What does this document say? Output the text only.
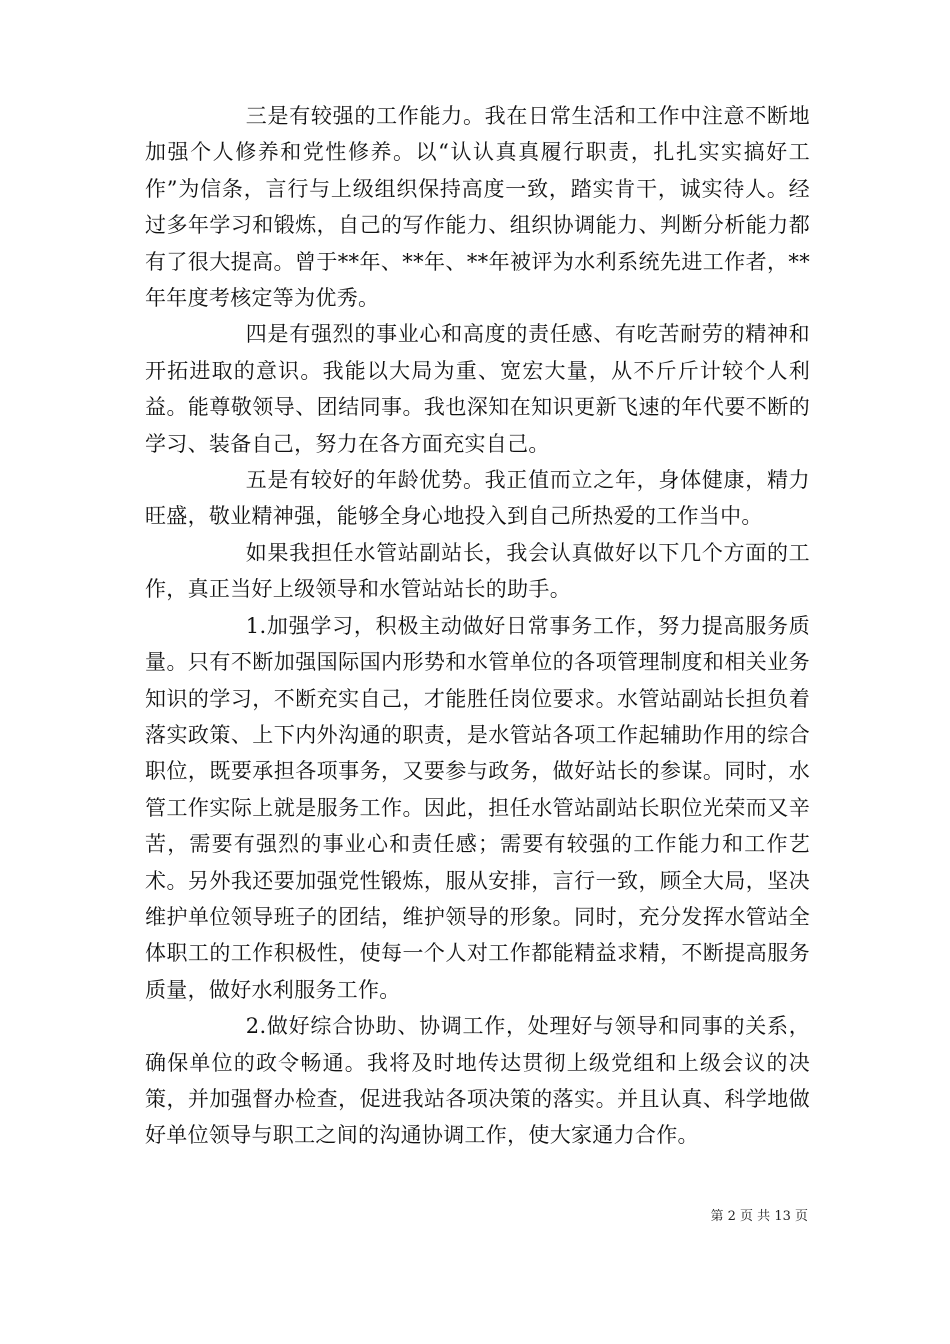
三是有较强的工作能力。我在日常生活和工作中注意不断地加强个人修养和党性修养。以“认认真真履行职责，扎扎实实搞好工作”为信条，言行与上级组织保持高度一致，踏实肯干，诚实待人。经过多年学习和锻炼，自己的写作能力、组织协调能力、判断分析能力都有了很大提高。曾于**年、**年、**年被评为水利系统先进工作者，**年年度考核定等为优秀。

四是有强烈的事业心和高度的责任感、有吃苦耐劳的精神和开拓进取的意识。我能以大局为重、宽宏大量，从不斤斤计较个人利益。能尊敬领导、团结同事。我也深知在知识更新飞速的年代要不断的学习、装备自己，努力在各方面充实自己。

五是有较好的年龄优势。我正值而立之年，身体健康，精力旺盛，敬业精神强，能够全身心地投入到自己所热爱的工作当中。

如果我担任水管站副站长，我会认真做好以下几个方面的工作，真正当好上级领导和水管站站长的助手。

1.加强学习，积极主动做好日常事务工作，努力提高服务质量。只有不断加强国际国内形势和水管单位的各项管理制度和相关业务知识的学习，不断充实自己，才能胜任岗位要求。水管站副站长担负着落实政策、上下内外沟通的职责，是水管站各项工作起辅助作用的综合职位，既要承担各项事务，又要参与政务，做好站长的参谋。同时，水管工作实际上就是服务工作。因此，担任水管站副站长职位光荣而又辛苦，需要有强烈的事业心和责任感；需要有较强的工作能力和工作艺术。另外我还要加强党性锻炼，服从安排，言行一致，顾全大局，坚决维护单位领导班子的团结，维护领导的形象。同时，充分发挥水管站全体职工的工作积极性，使每一个人对工作都能精益求精，不断提高服务质量，做好水利服务工作。

2.做好综合协助、协调工作，处理好与领导和同事的关系，确保单位的政令畅通。我将及时地传达贯彻上级党组和上级会议的决策，并加强督办检查，促进我站各项决策的落实。并且认真、科学地做好单位领导与职工之间的沟通协调工作，使大家通力合作。

第 2 页 共 13 页
